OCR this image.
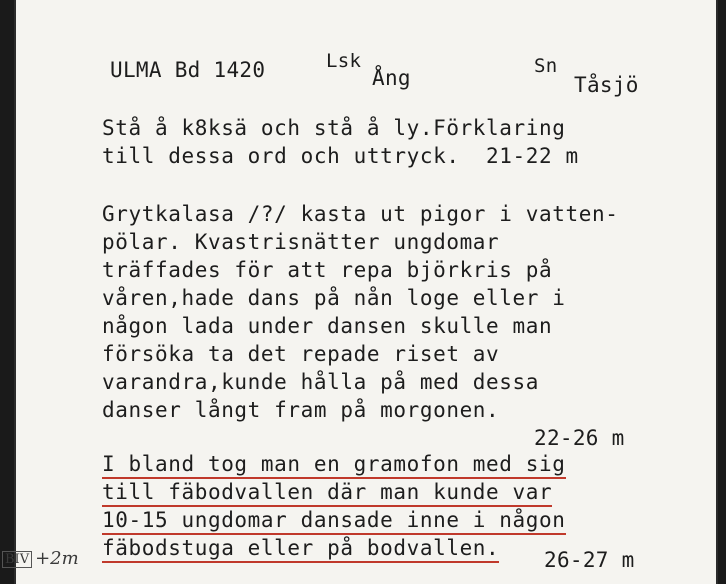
ULMA Bd 1420	Lsk
Ång	Sn
Tåsjö
Stå å k8ksä och stå å ly.Förklaring
till dessa ord och uttryck.  21-22 m
Grytkalasa /?/ kasta ut pigor i vatten-
pölar. Kvastrisnätter ungdomar
träffades för att repa björkris på
våren,hade dans på nån loge eller i
någon lada under dansen skulle man
försöka ta det repade riset av
varandra,kunde hålla på med dessa
danser långt fram på morgonen.
22-26 m
I bland tog man en gramofon med sig
till fäbodvallen där man kunde var
10-15 ungdomar dansade inne i någon
fäbodstuga eller på bodvallen. 26-27 m
BIV +2m
